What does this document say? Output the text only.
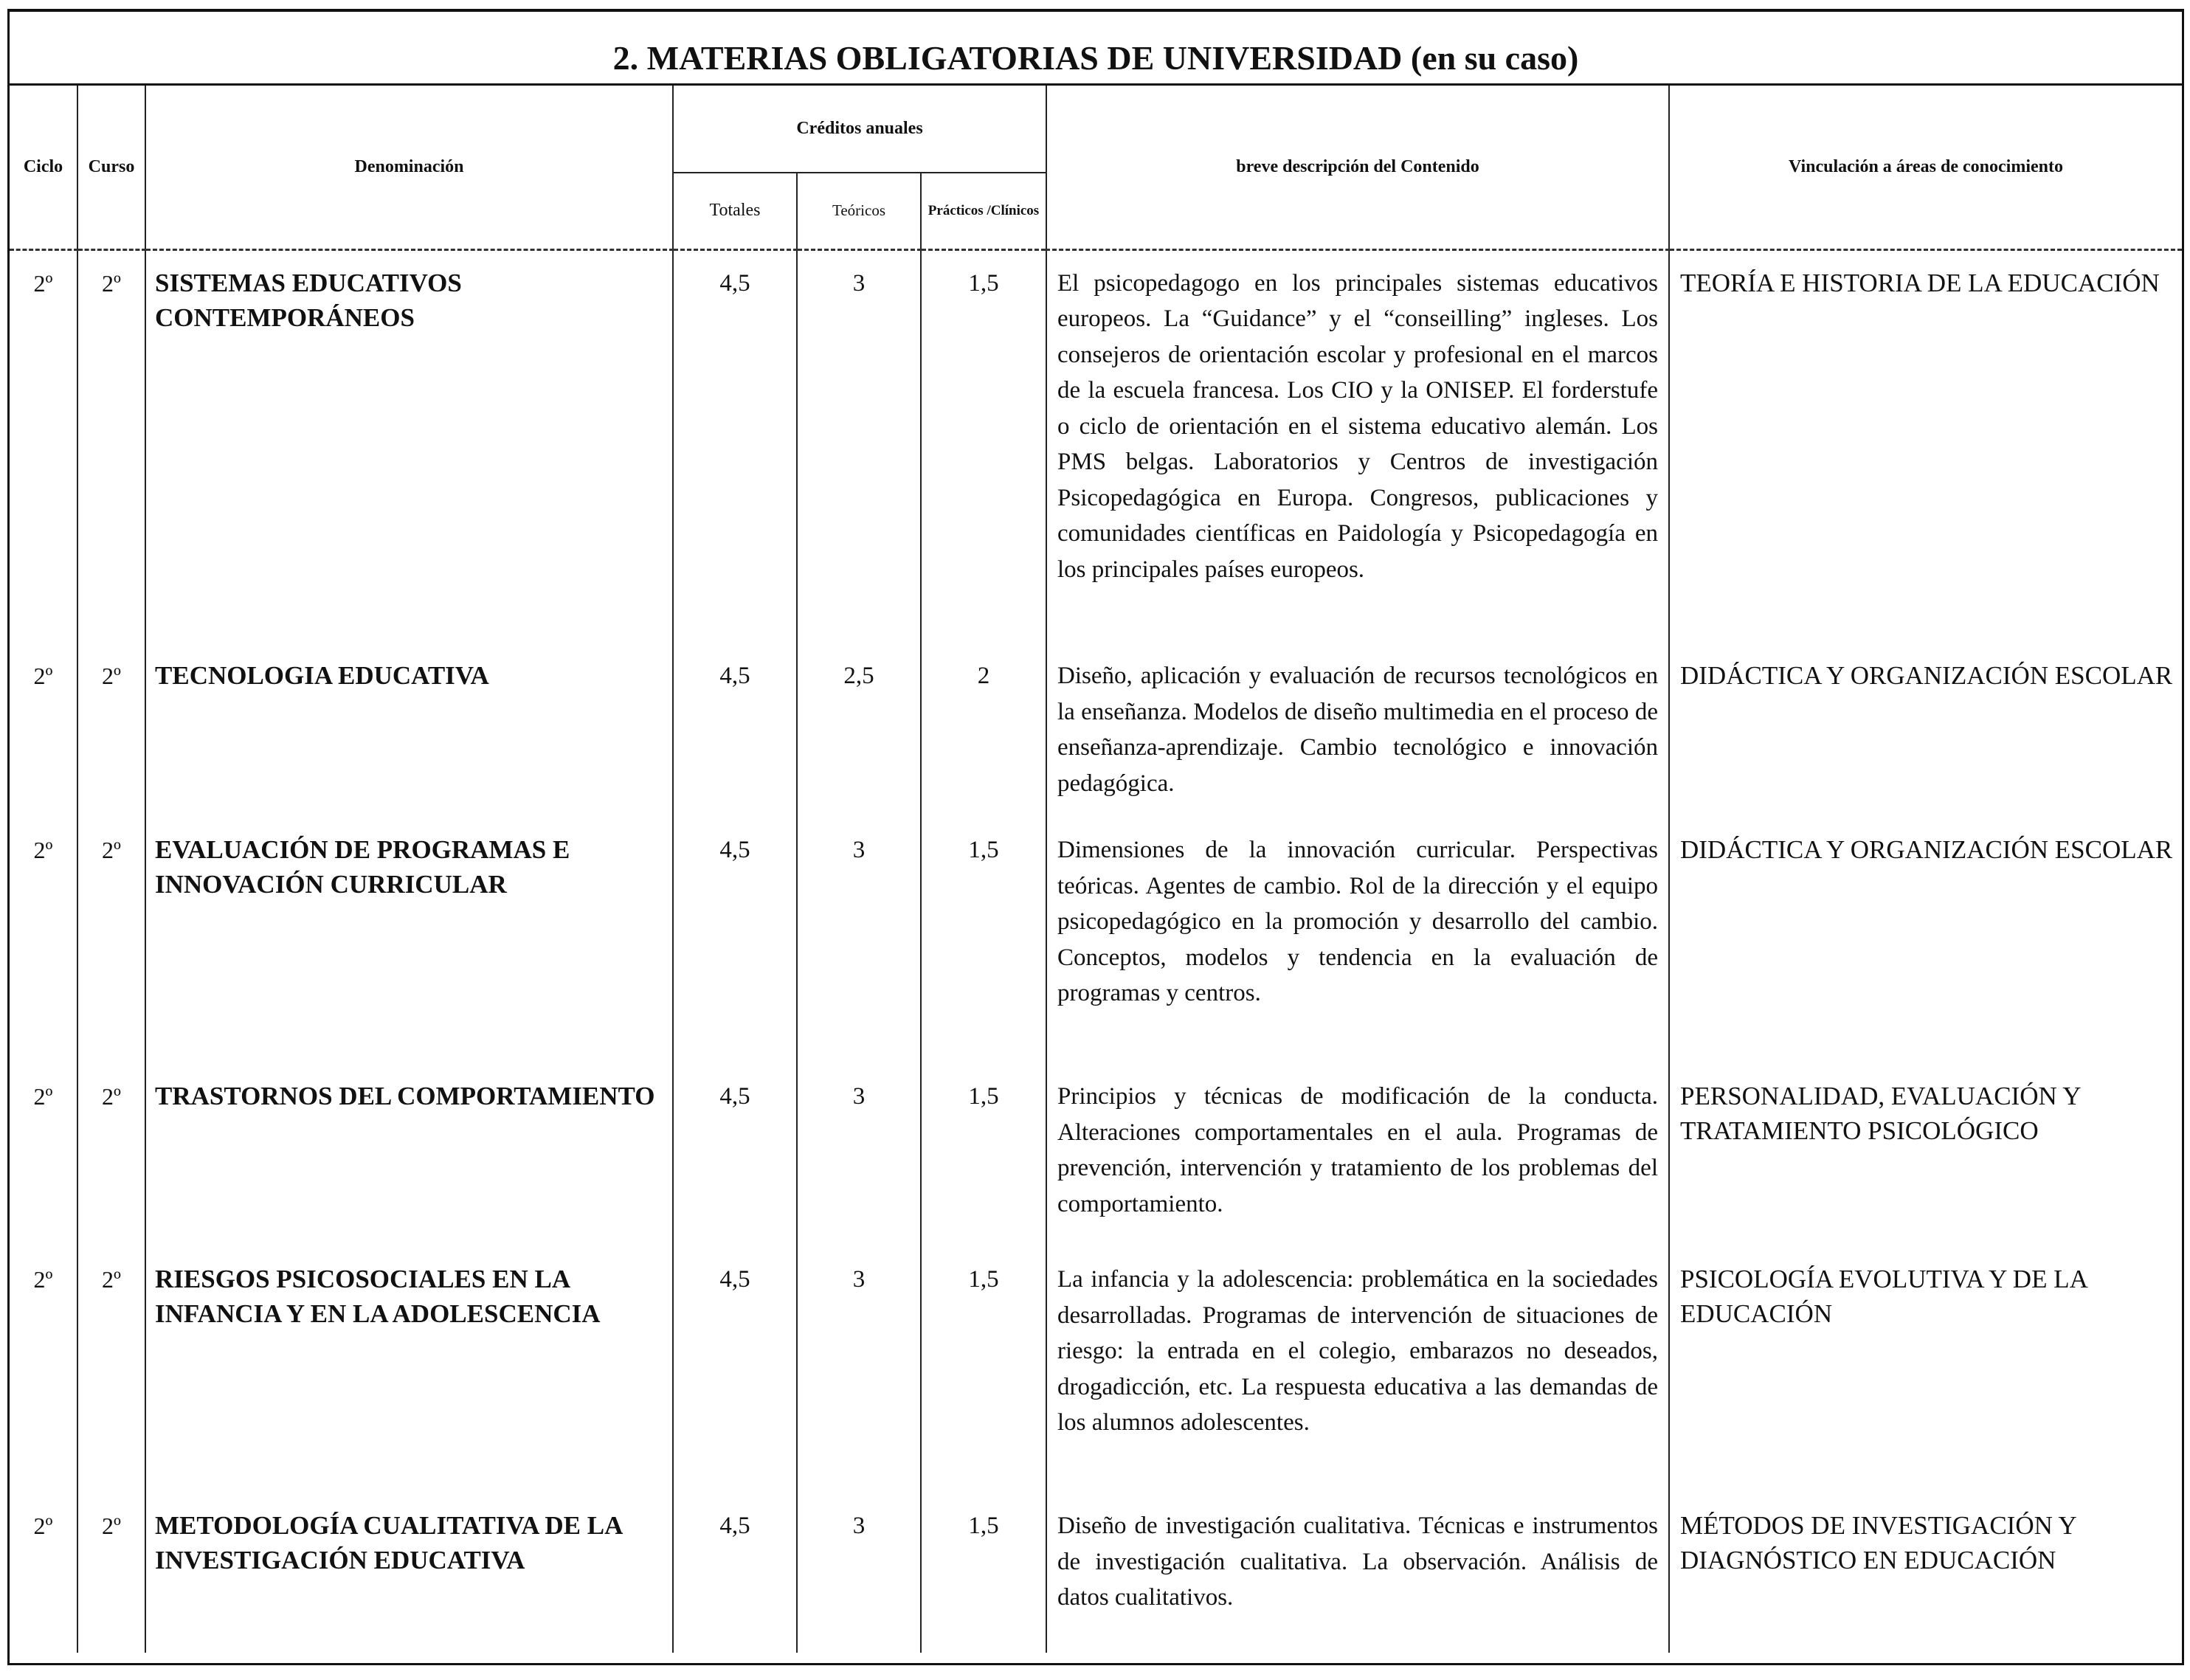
2. MATERIAS OBLIGATORIAS DE UNIVERSIDAD (en su caso)
Ciclo	Curso	Denominación	Créditos anuales			breve descripción del Contenido	Vinculación a áreas de conocimiento
			Totales	Teóricos	Prácticos /Clínicos		
2º	2º	SISTEMAS EDUCATIVOS CONTEMPORÁNEOS	4,5	3	1,5	El psicopedagogo en los principales sistemas educativos europeos. La “Guidance” y el “conseilling” ingleses. Los consejeros de orientación escolar y profesional en el marcos de la escuela francesa. Los CIO y la ONISEP. El forderstufe o ciclo de orientación en el sistema educativo alemán. Los PMS belgas. Laboratorios y Centros de investigación Psicopedagógica en Europa. Congresos, publicaciones y comunidades científicas en Paidología y Psicopedagogía en los principales países europeos.	TEORÍA E HISTORIA DE LA EDUCACIÓN
2º	2º	TECNOLOGIA EDUCATIVA	4,5	2,5	2	Diseño, aplicación y evaluación de recursos tecnológicos en la enseñanza. Modelos de diseño multimedia en el proceso de enseñanza-aprendizaje. Cambio tecnológico e innovación pedagógica.	DIDÁCTICA Y ORGANIZACIÓN ESCOLAR
2º	2º	EVALUACIÓN DE PROGRAMAS E INNOVACIÓN CURRICULAR	4,5	3	1,5	Dimensiones de la innovación curricular. Perspectivas teóricas. Agentes de cambio. Rol de la dirección y el equipo psicopedagógico en la promoción y desarrollo del cambio. Conceptos, modelos y tendencia en la evaluación de programas y centros.	DIDÁCTICA Y ORGANIZACIÓN ESCOLAR
2º	2º	TRASTORNOS DEL COMPORTAMIENTO	4,5	3	1,5	Principios y técnicas de modificación de la conducta. Alteraciones comportamentales en el aula. Programas de prevención, intervención y tratamiento de los problemas del comportamiento.	PERSONALIDAD, EVALUACIÓN Y TRATAMIENTO PSICOLÓGICO
2º	2º	RIESGOS PSICOSOCIALES EN LA INFANCIA Y EN LA ADOLESCENCIA	4,5	3	1,5	La infancia y la adolescencia: problemática en la sociedades desarrolladas. Programas de intervención de situaciones de riesgo: la entrada en el colegio, embarazos no deseados, drogadicción, etc. La respuesta educativa a las demandas de los alumnos adolescentes.	PSICOLOGÍA EVOLUTIVA Y DE LA EDUCACIÓN
2º	2º	METODOLOGÍA CUALITATIVA DE LA INVESTIGACIÓN EDUCATIVA	4,5	3	1,5	Diseño de investigación cualitativa. Técnicas e instrumentos de investigación cualitativa. La observación. Análisis de datos cualitativos.	MÉTODOS DE INVESTIGACIÓN Y DIAGNÓSTICO EN EDUCACIÓN
